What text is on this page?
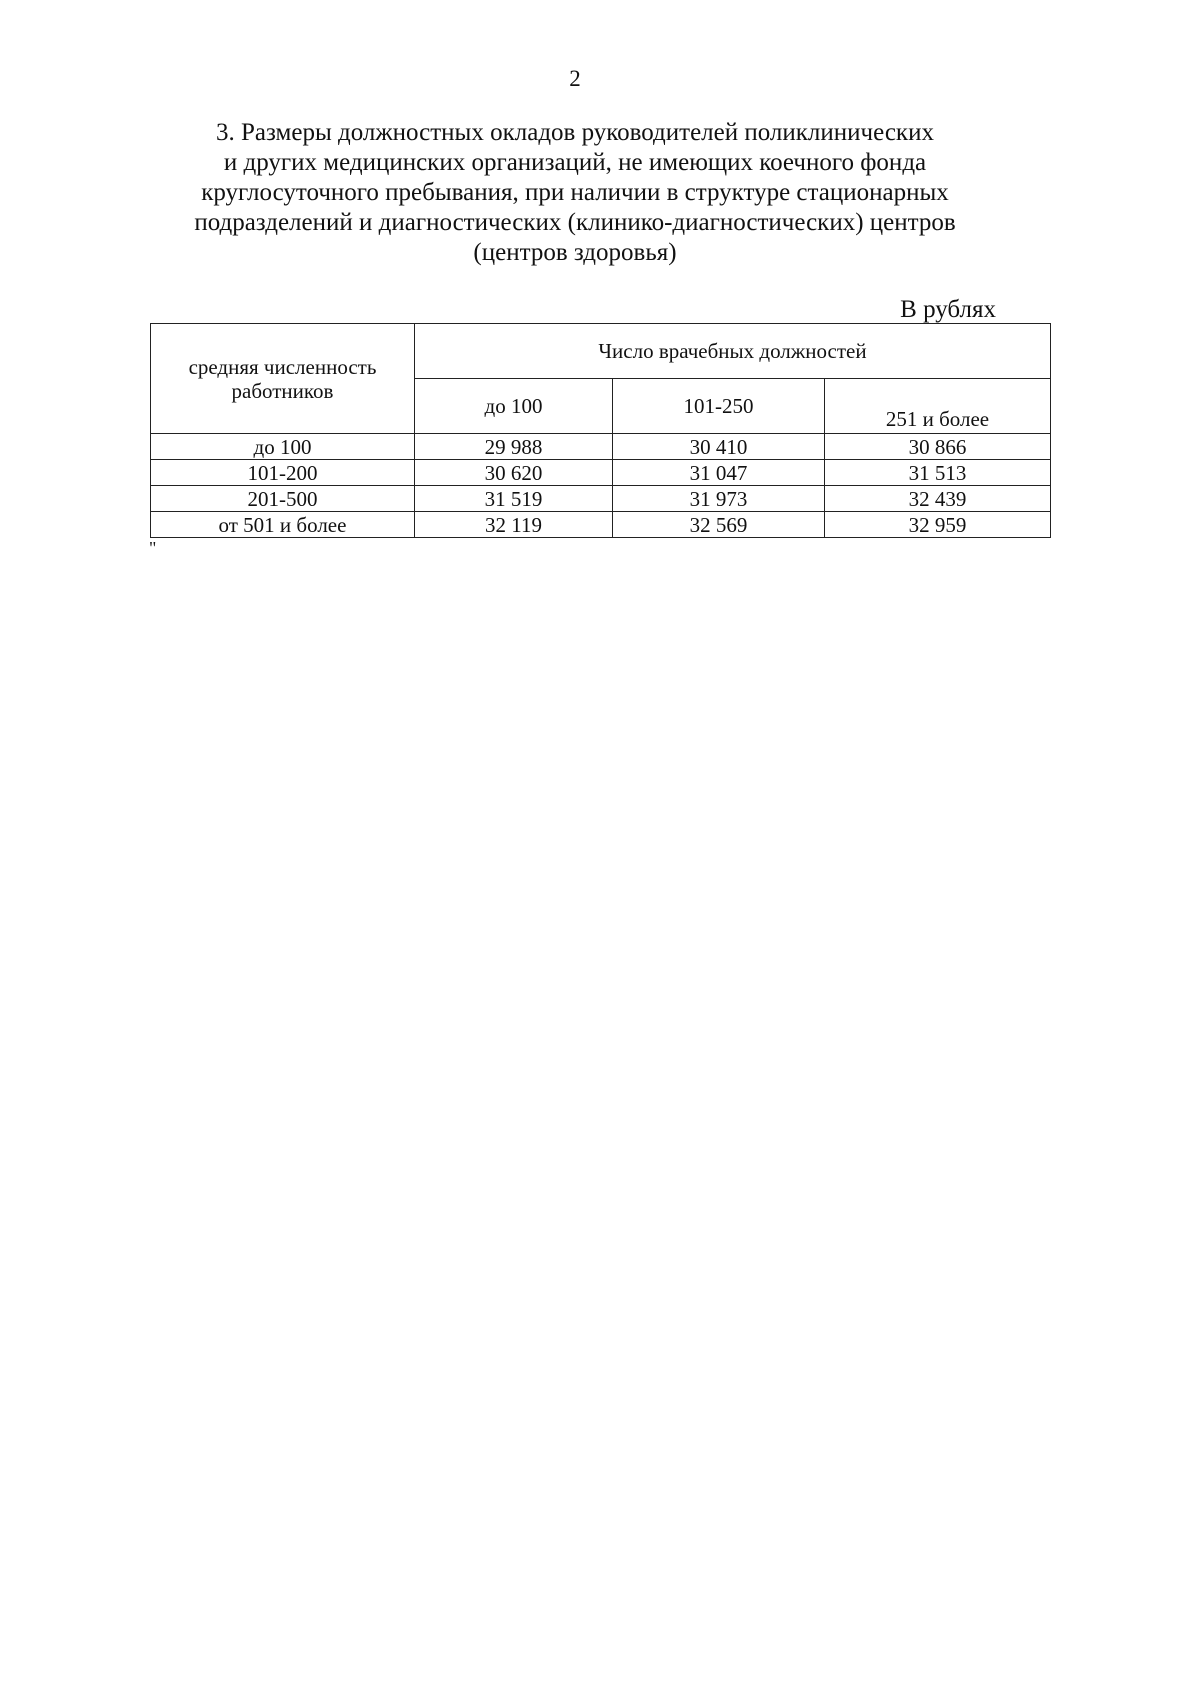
2
3. Размеры должностных окладов руководителей поликлинических
и других медицинских организаций, не имеющих коечного фонда
круглосуточного пребывания, при наличии в структуре стационарных
подразделений и диагностических (клинико-диагностических) центров
(центров здоровья)
В рублях
средняя численность
работников	Число врачебных должностей		
	до 100	101-250	251 и более
до 100	29 988	30 410	30 866
101-200	30 620	31 047	31 513
201-500	31 519	31 973	32 439
от 501 и более	32 119	32 569	32 959
"
